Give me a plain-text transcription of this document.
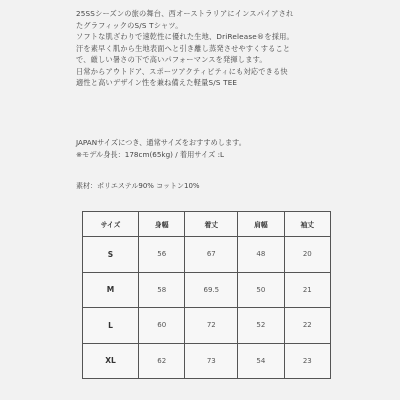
25SSシーズンの旅の舞台、西オーストラリアにインスパイアされ

たグラフィックのS/S Tシャツ。

ソフトな肌ざわりで速乾性に優れた生地、DriRelease®を採用。

汗を素早く肌から生地表面へと引き離し蒸発させやすくすること

で、厳しい暑さの下で高いパフォーマンスを発揮します。

日常からアウトドア、スポーツアクティビティにも対応できる快

適性と高いデザイン性を兼ね備えた軽量S/S TEE

JAPANサイズにつき、通常サイズをおすすめします。

※モデル身長：178cm(65kg) / 着用サイズ :L

素材：ポリエステル90% コットン10%
サイズ	身幅	着丈	肩幅	袖丈
S	56	67	48	20
M	58	69.5	50	21
L	60	72	52	22
XL	62	73	54	23
